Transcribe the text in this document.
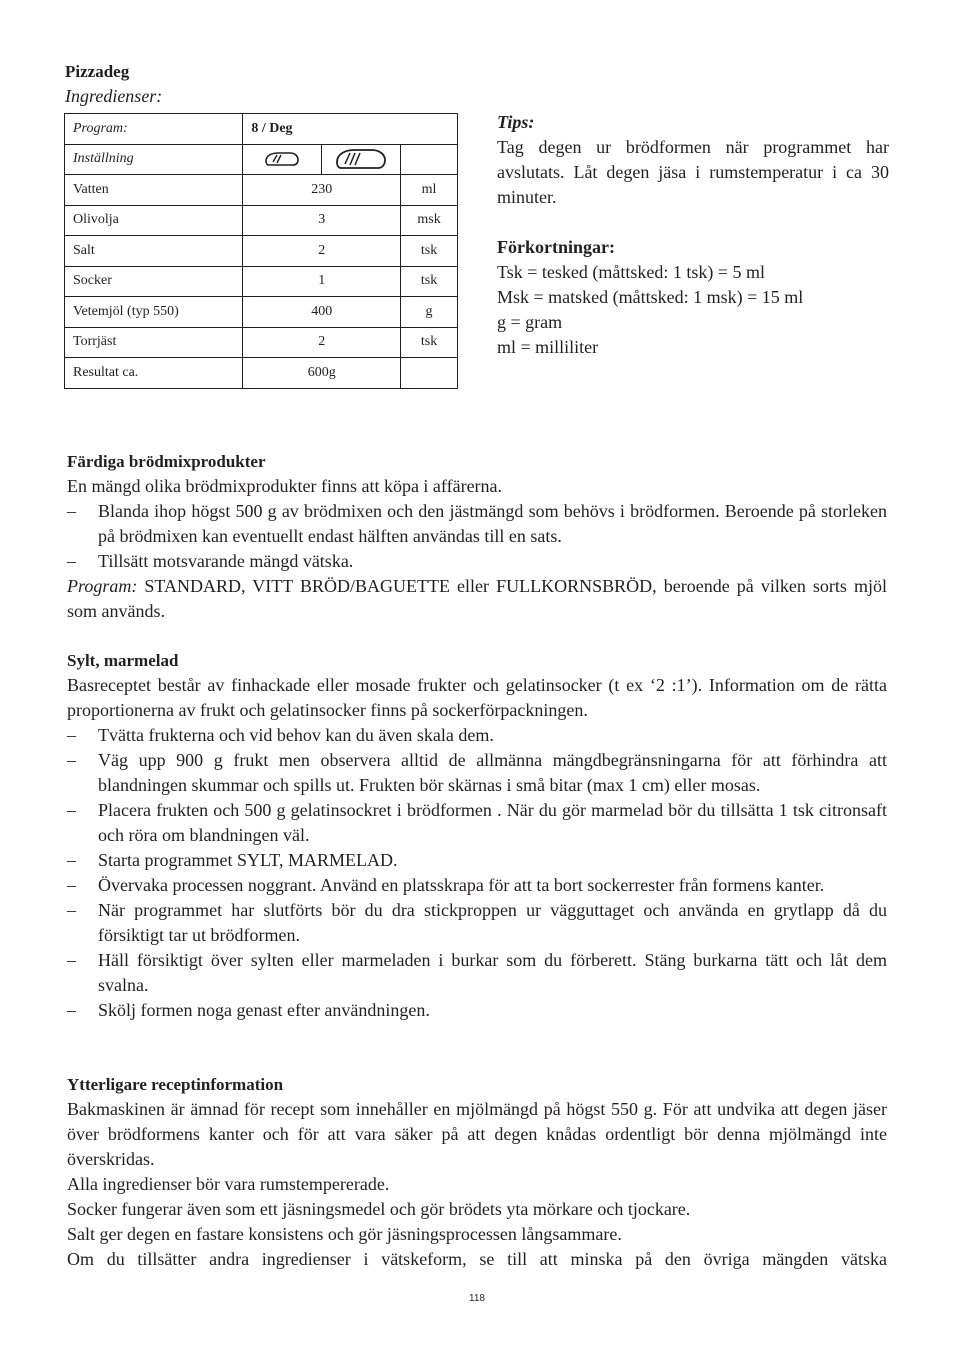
Pizzadeg
Ingredienser:
Program:	8 / Deg		
Inställning			
Vatten	230		ml
Olivolja	3		msk
Salt	2		tsk
Socker	1		tsk
Vetemjöl (typ 550)	400		g
Torrjäst	2		tsk
Resultat ca.	600g		
Tips:

Tag degen ur brödformen när programmet har avslutats. Låt degen jäsa i rumstemperatur i ca 30 minuter.

Förkortningar:
Tsk = tesked (måttsked: 1 tsk) = 5 ml
Msk = matsked (måttsked: 1 msk) = 15 ml
g = gram
ml = milliliter
Färdiga brödmixprodukter

En mängd olika brödmixprodukter finns att köpa i affärerna.

– Blanda ihop högst 500 g av brödmixen och den jästmängd som behövs i brödformen. Beroende på storleken på brödmixen kan eventuellt endast hälften användas till en sats.
– Tillsätt motsvarande mängd vätska.

Program: STANDARD, VITT BRÖD/BAGUETTE eller FULLKORNSBRÖD, beroende på vilken sorts mjöl som används.

Sylt, marmelad

Basreceptet består av finhackade eller mosade frukter och gelatinsocker (t ex ‘2 :1’). Information om de rätta proportionerna av frukt och gelatinsocker finns på sockerförpackningen.

– Tvätta frukterna och vid behov kan du även skala dem.
– Väg upp 900 g frukt men observera alltid de allmänna mängdbegränsningarna för att förhindra att blandningen skummar och spills ut. Frukten bör skärnas i små bitar (max 1 cm) eller mosas.
– Placera frukten och 500 g gelatinsockret i brödformen . När du gör marmelad bör du tillsätta 1 tsk citronsaft och röra om blandningen väl.
– Starta programmet SYLT, MARMELAD.
– Övervaka processen noggrant. Använd en platsskrapa för att ta bort sockerrester från formens kanter.
– När programmet har slutförts bör du dra stickproppen ur vägguttaget och använda en grytlapp då du försiktigt tar ut brödformen.
– Häll försiktigt över sylten eller marmeladen i burkar som du förberett. Stäng burkarna tätt och låt dem svalna.
– Skölj formen noga genast efter användningen.
Ytterligare receptinformation

Bakmaskinen är ämnad för recept som innehåller en mjölmängd på högst 550 g. För att undvika att degen jäser över brödformens kanter och för att vara säker på att degen knådas ordentligt bör denna mjölmängd inte överskridas.

Alla ingredienser bör vara rumstempererade.

Socker fungerar även som ett jäsningsmedel och gör brödets yta mörkare och tjockare.

Salt ger degen en fastare konsistens och gör jäsningsprocessen långsammare.

Om du tillsätter andra ingredienser i vätskeform, se till att minska på den övriga mängden vätska

118
